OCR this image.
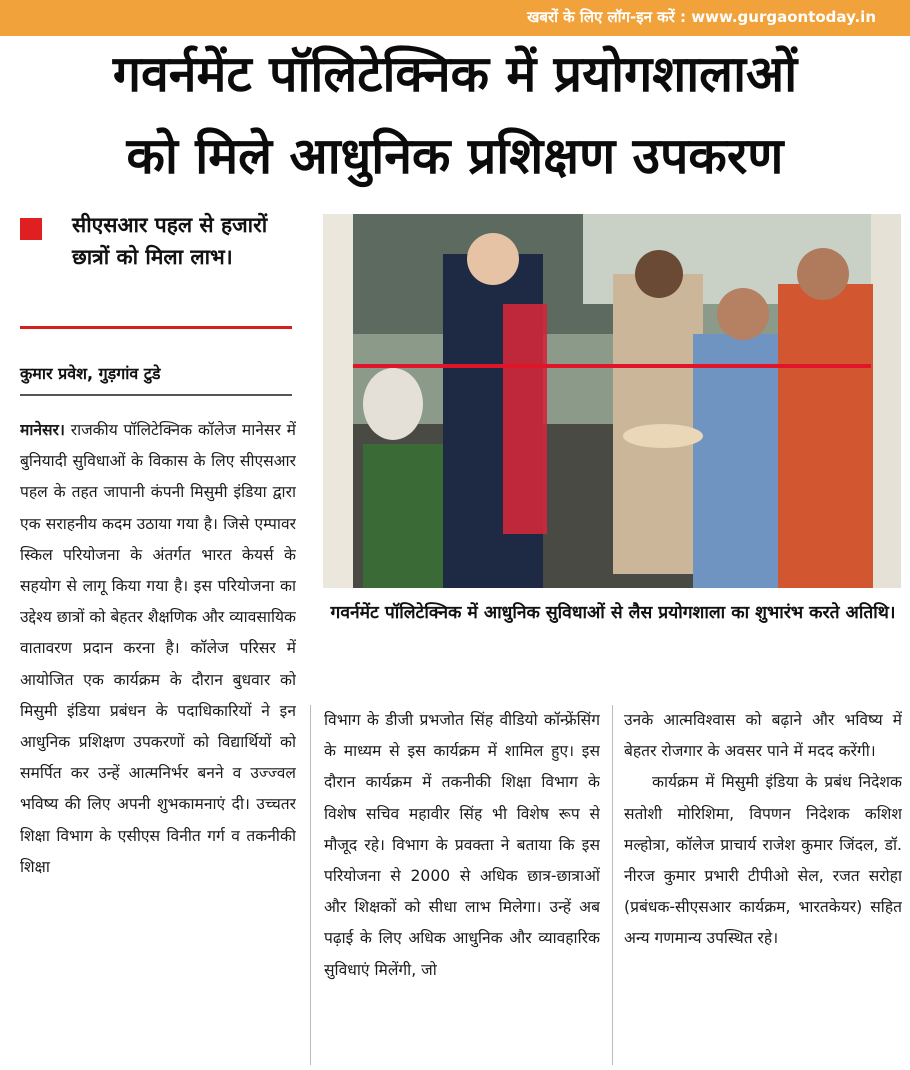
खबरों के लिए लॉग-इन करें : www.gurgaontoday.in
गवर्नमेंट पॉलिटेक्निक में प्रयोगशालाओं
को मिले आधुनिक प्रशिक्षण उपकरण
सीएसआर पहल से हजारों छात्रों को मिला लाभ।
कुमार प्रवेश, गुड़गांव टुडे
मानेसर। राजकीय पॉलिटेक्निक कॉलेज मानेसर में बुनियादी सुविधाओं के विकास के लिए सीएसआर पहल के तहत जापानी कंपनी मिसुमी इंडिया द्वारा एक सराहनीय कदम उठाया गया है। जिसे एम्पावर स्किल परियोजना के अंतर्गत भारत केयर्स के सहयोग से लागू किया गया है। इस परियोजना का उद्देश्य छात्रों को बेहतर शैक्षणिक और व्यावसायिक वातावरण प्रदान करना है। कॉलेज परिसर में आयोजित एक कार्यक्रम के दौरान बुधवार को मिसुमी इंडिया प्रबंधन के पदाधिकारियों ने इन आधुनिक प्रशिक्षण उपकरणों को विद्यार्थियों को समर्पित कर उन्हें आत्मनिर्भर बनने व उज्ज्वल भविष्य की लिए अपनी शुभकामनाएं दी। उच्चतर शिक्षा विभाग के एसीएस विनीत गर्ग व तकनीकी शिक्षा
गवर्नमेंट पॉलिटेक्निक में आधुनिक सुविधाओं से लैस प्रयोगशाला का शुभारंभ करते अतिथि।
विभाग के डीजी प्रभजोत सिंह वीडियो कॉन्फ्रेंसिंग के माध्यम से इस कार्यक्रम में शामिल हुए। इस दौरान कार्यक्रम में तकनीकी शिक्षा विभाग के विशेष सचिव महावीर सिंह भी विशेष रूप से मौजूद रहे। विभाग के प्रवक्ता ने बताया कि इस परियोजना से 2000 से अधिक छात्र-छात्राओं और शिक्षकों को सीधा लाभ मिलेगा। उन्हें अब पढ़ाई के लिए अधिक आधुनिक और व्यावहारिक सुविधाएं मिलेंगी, जो
उनके आत्मविश्वास को बढ़ाने और भविष्य में बेहतर रोजगार के अवसर पाने में मदद करेंगी।
कार्यक्रम में मिसुमी इंडिया के प्रबंध निदेशक सतोशी मोरिशिमा, विपणन निदेशक कशिश मल्होत्रा, कॉलेज प्राचार्य राजेश कुमार जिंदल, डॉ. नीरज कुमार प्रभारी टीपीओ सेल, रजत सरोहा (प्रबंधक-सीएसआर कार्यक्रम, भारतकेयर) सहित अन्य गणमान्य उपस्थित रहे।
